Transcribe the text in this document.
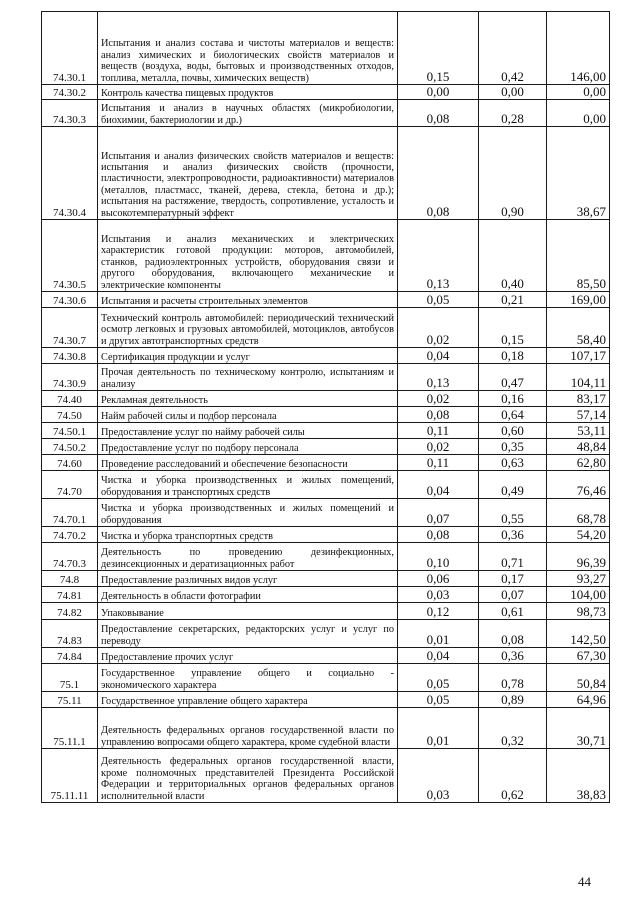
74.30.1	Испытания и анализ состава и чистоты материалов и веществ: анализ химических и биологических свойств материалов и веществ (воздуха, воды, бытовых и производственных отходов, топлива, металла, почвы, химических веществ)	0,15	0,42	146,00
74.30.2	Контроль качества пищевых продуктов	0,00	0,00	0,00
74.30.3	Испытания и анализ в научных областях (микробиологии, биохимии, бактериологии и др.)	0,08	0,28	0,00
74.30.4	Испытания и анализ физических свойств материалов и веществ: испытания и анализ физических свойств (прочности, пластичности, электропроводности, радиоактивности) материалов (металлов, пластмасс, тканей, дерева, стекла, бетона и др.); испытания на растяжение, твердость, сопротивление, усталость и высокотемпературный эффект	0,08	0,90	38,67
74.30.5	Испытания и анализ механических и электрических характеристик готовой продукции: моторов, автомобилей, станков, радиоэлектронных устройств, оборудования связи и другого оборудования, включающего механические и электрические компоненты	0,13	0,40	85,50
74.30.6	Испытания и расчеты строительных элементов	0,05	0,21	169,00
74.30.7	Технический контроль автомобилей: периодический технический осмотр легковых и грузовых автомобилей, мотоциклов, автобусов и других автотранспортных средств	0,02	0,15	58,40
74.30.8	Сертификация продукции и услуг	0,04	0,18	107,17
74.30.9	Прочая деятельность по техническому контролю, испытаниям и анализу	0,13	0,47	104,11
74.40	Рекламная деятельность	0,02	0,16	83,17
74.50	Найм рабочей силы и подбор персонала	0,08	0,64	57,14
74.50.1	Предоставление услуг по найму рабочей силы	0,11	0,60	53,11
74.50.2	Предоставление услуг по подбору персонала	0,02	0,35	48,84
74.60	Проведение расследований и обеспечение безопасности	0,11	0,63	62,80
74.70	Чистка и уборка производственных и жилых помещений, оборудования и транспортных средств	0,04	0,49	76,46
74.70.1	Чистка и уборка производственных и жилых помещений и оборудования	0,07	0,55	68,78
74.70.2	Чистка и уборка транспортных средств	0,08	0,36	54,20
74.70.3	Деятельность по проведению дезинфекционных, дезинсекционных и дератизационных работ	0,10	0,71	96,39
74.8	Предоставление различных видов услуг	0,06	0,17	93,27
74.81	Деятельность в области фотографии	0,03	0,07	104,00
74.82	Упаковывание	0,12	0,61	98,73
74.83	Предоставление секретарских, редакторских услуг и услуг по переводу	0,01	0,08	142,50
74.84	Предоставление прочих услуг	0,04	0,36	67,30
75.1	Государственное управление общего и социально - экономического характера	0,05	0,78	50,84
75.11	Государственное управление общего характера	0,05	0,89	64,96
75.11.1	Деятельность федеральных органов государственной власти по управлению вопросами общего характера, кроме судебной власти	0,01	0,32	30,71
75.11.11	Деятельность федеральных органов государственной власти, кроме полномочных представителей Президента Российской Федерации и территориальных органов федеральных органов исполнительной власти	0,03	0,62	38,83
44
